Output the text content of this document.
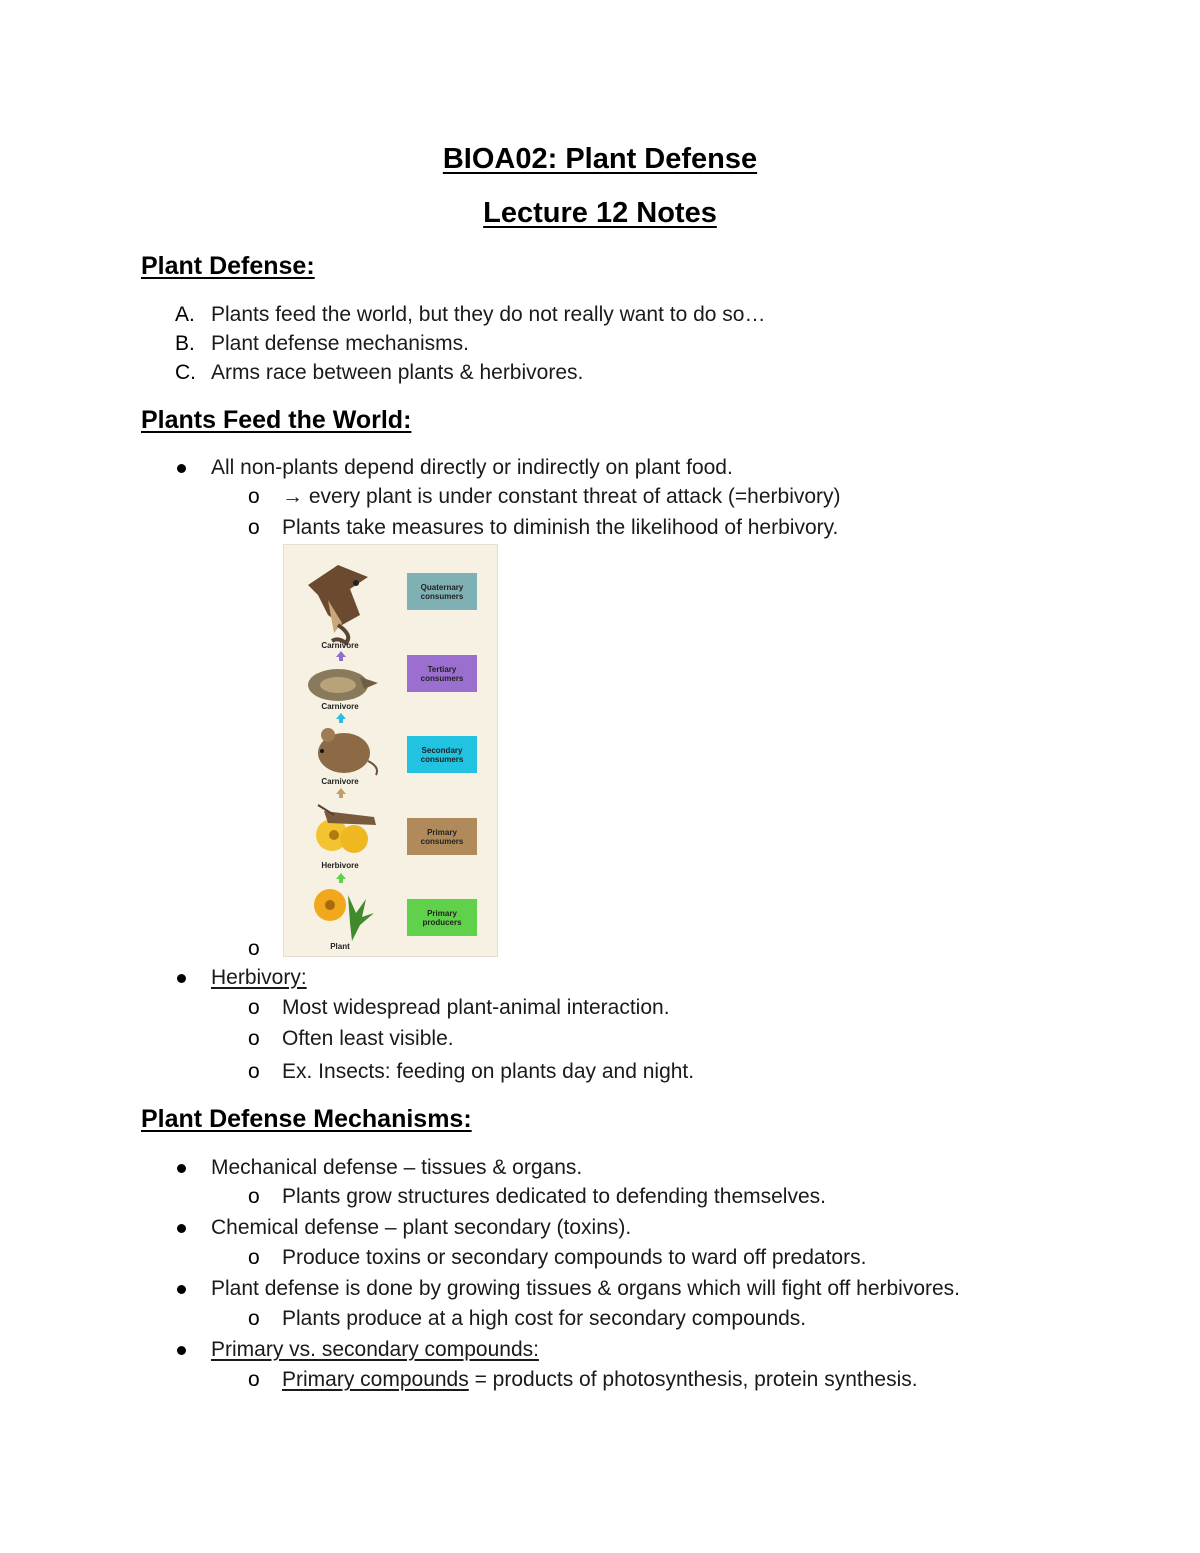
BIOA02: Plant Defense
Lecture 12 Notes
Plant Defense:
A. Plants feed the world, but they do not really want to do so…
B. Plant defense mechanisms.
C. Arms race between plants & herbivores.
Plants Feed the World:
All non-plants depend directly or indirectly on plant food.
o → every plant is under constant threat of attack (=herbivory)
o Plants take measures to diminish the likelihood of herbivory.
o
Carnivore
Carnivore
Carnivore
Herbivore
Plant
Quaternary consumers
Tertiary consumers
Secondary consumers
Primary consumers
Primary producers
Herbivory:
o Most widespread plant-animal interaction.
o Often least visible.
o Ex. Insects: feeding on plants day and night.
Plant Defense Mechanisms:
Mechanical defense – tissues & organs.
o Plants grow structures dedicated to defending themselves.
Chemical defense – plant secondary (toxins).
o Produce toxins or secondary compounds to ward off predators.
Plant defense is done by growing tissues & organs which will fight off herbivores.
o Plants produce at a high cost for secondary compounds.
Primary vs. secondary compounds:
o Primary compounds = products of photosynthesis, protein synthesis.
